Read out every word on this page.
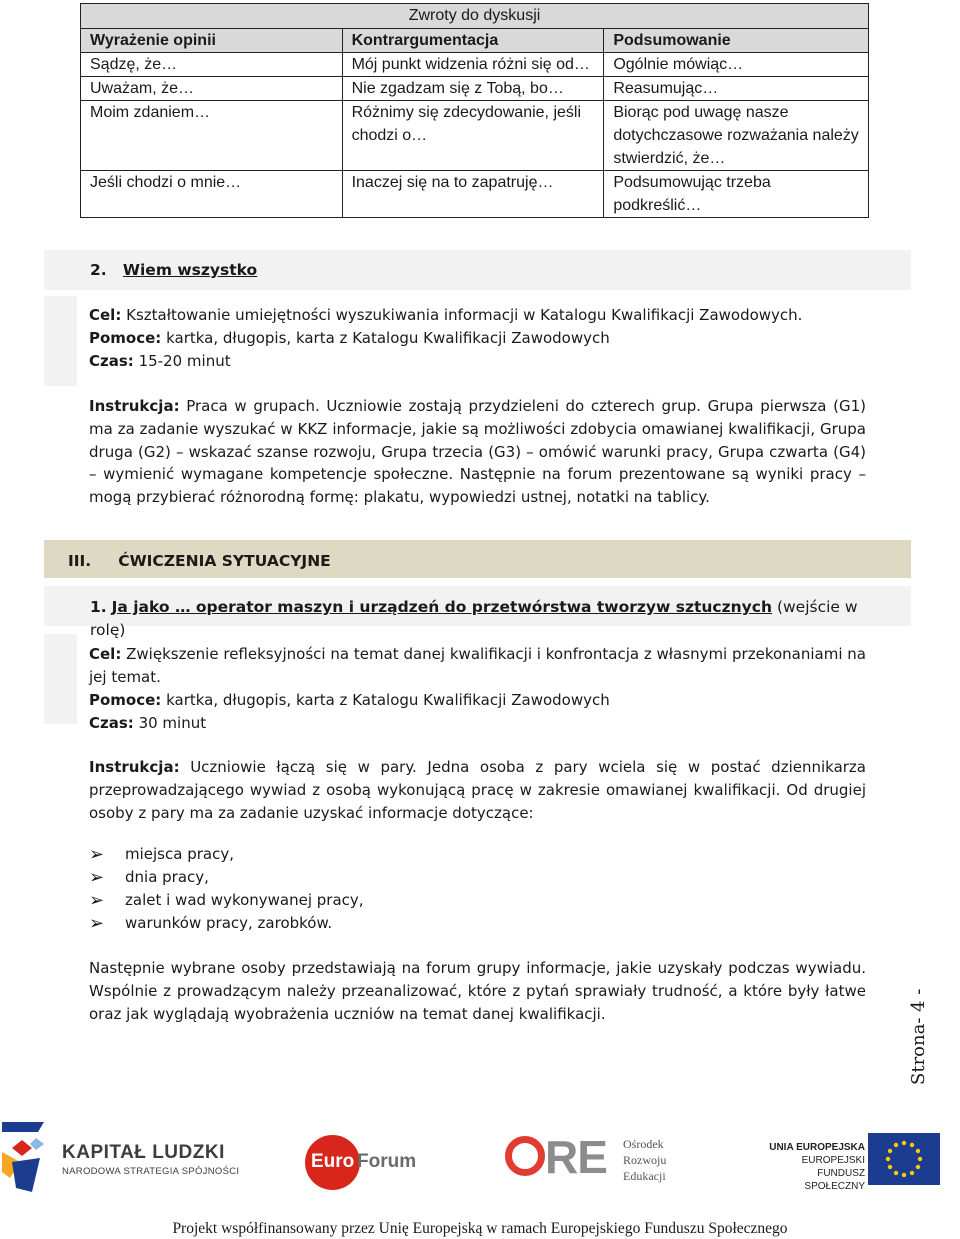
Zwroty do dyskusji		
Wyrażenie opinii	Kontrargumentacja	Podsumowanie
Sądzę, że…	Mój punkt widzenia różni się od…	Ogólnie mówiąc…
Uważam, że…	Nie zgadzam się z Tobą, bo…	Reasumując…
Moim zdaniem…	Różnimy się zdecydowanie, jeśli chodzi o…	Biorąc pod uwagę nasze dotychczasowe rozważania należy stwierdzić, że…
Jeśli chodzi o mnie…	Inaczej się na to zapatruję…	Podsumowując trzeba podkreślić…
2. Wiem wszystko
Cel: Kształtowanie umiejętności wyszukiwania informacji w Katalogu Kwalifikacji Zawodowych.
Pomoce: kartka, długopis, karta z Katalogu Kwalifikacji Zawodowych
Czas: 15-20 minut
Instrukcja: Praca w grupach. Uczniowie zostają przydzieleni do czterech grup. Grupa pierwsza (G1) ma za zadanie wyszukać w KKZ informacje, jakie są możliwości zdobycia omawianej kwalifikacji, Grupa druga (G2) – wskazać szanse rozwoju, Grupa trzecia (G3) – omówić warunki pracy, Grupa czwarta (G4) – wymienić wymagane kompetencje społeczne. Następnie na forum prezentowane są wyniki pracy – mogą przybierać różnorodną formę: plakatu, wypowiedzi ustnej, notatki na tablicy.
III. ĆWICZENIA SYTUACYJNE
1. Ja jako … operator maszyn i urządzeń do przetwórstwa tworzyw sztucznych (wejście w rolę)
Cel: Zwiększenie refleksyjności na temat danej kwalifikacji i konfrontacja z własnymi przekonaniami na jej temat.
Pomoce: kartka, długopis, karta z Katalogu Kwalifikacji Zawodowych
Czas: 30 minut
Instrukcja: Uczniowie łączą się w pary. Jedna osoba z pary wciela się w postać dziennikarza przeprowadzającego wywiad z osobą wykonującą pracę w zakresie omawianej kwalifikacji. Od drugiej osoby z pary ma za zadanie uzyskać informacje dotyczące:
➢ miejsca pracy,
➢ dnia pracy,
➢ zalet i wad wykonywanej pracy,
➢ warunków pracy, zarobków.
Następnie wybrane osoby przedstawiają na forum grupy informacje, jakie uzyskały podczas wywiadu. Wspólnie z prowadzącym należy przeanalizować, które z pytań sprawiały trudność, a które były łatwe oraz jak wyglądają wyobrażenia uczniów na temat danej kwalifikacji.	Strona- 4 -
KAPITAŁ LUDZKI
NARODOWA STRATEGIA SPÓJNOŚCI	Euro Forum	RE Ośrodek
Rozwoju
Edukacji
UNIA EUROPEJSKA
EUROPEJSKI
FUNDUSZ SPOŁECZNY
Projekt współfinansowany przez Unię Europejską w ramach Europejskiego Funduszu Społecznego
